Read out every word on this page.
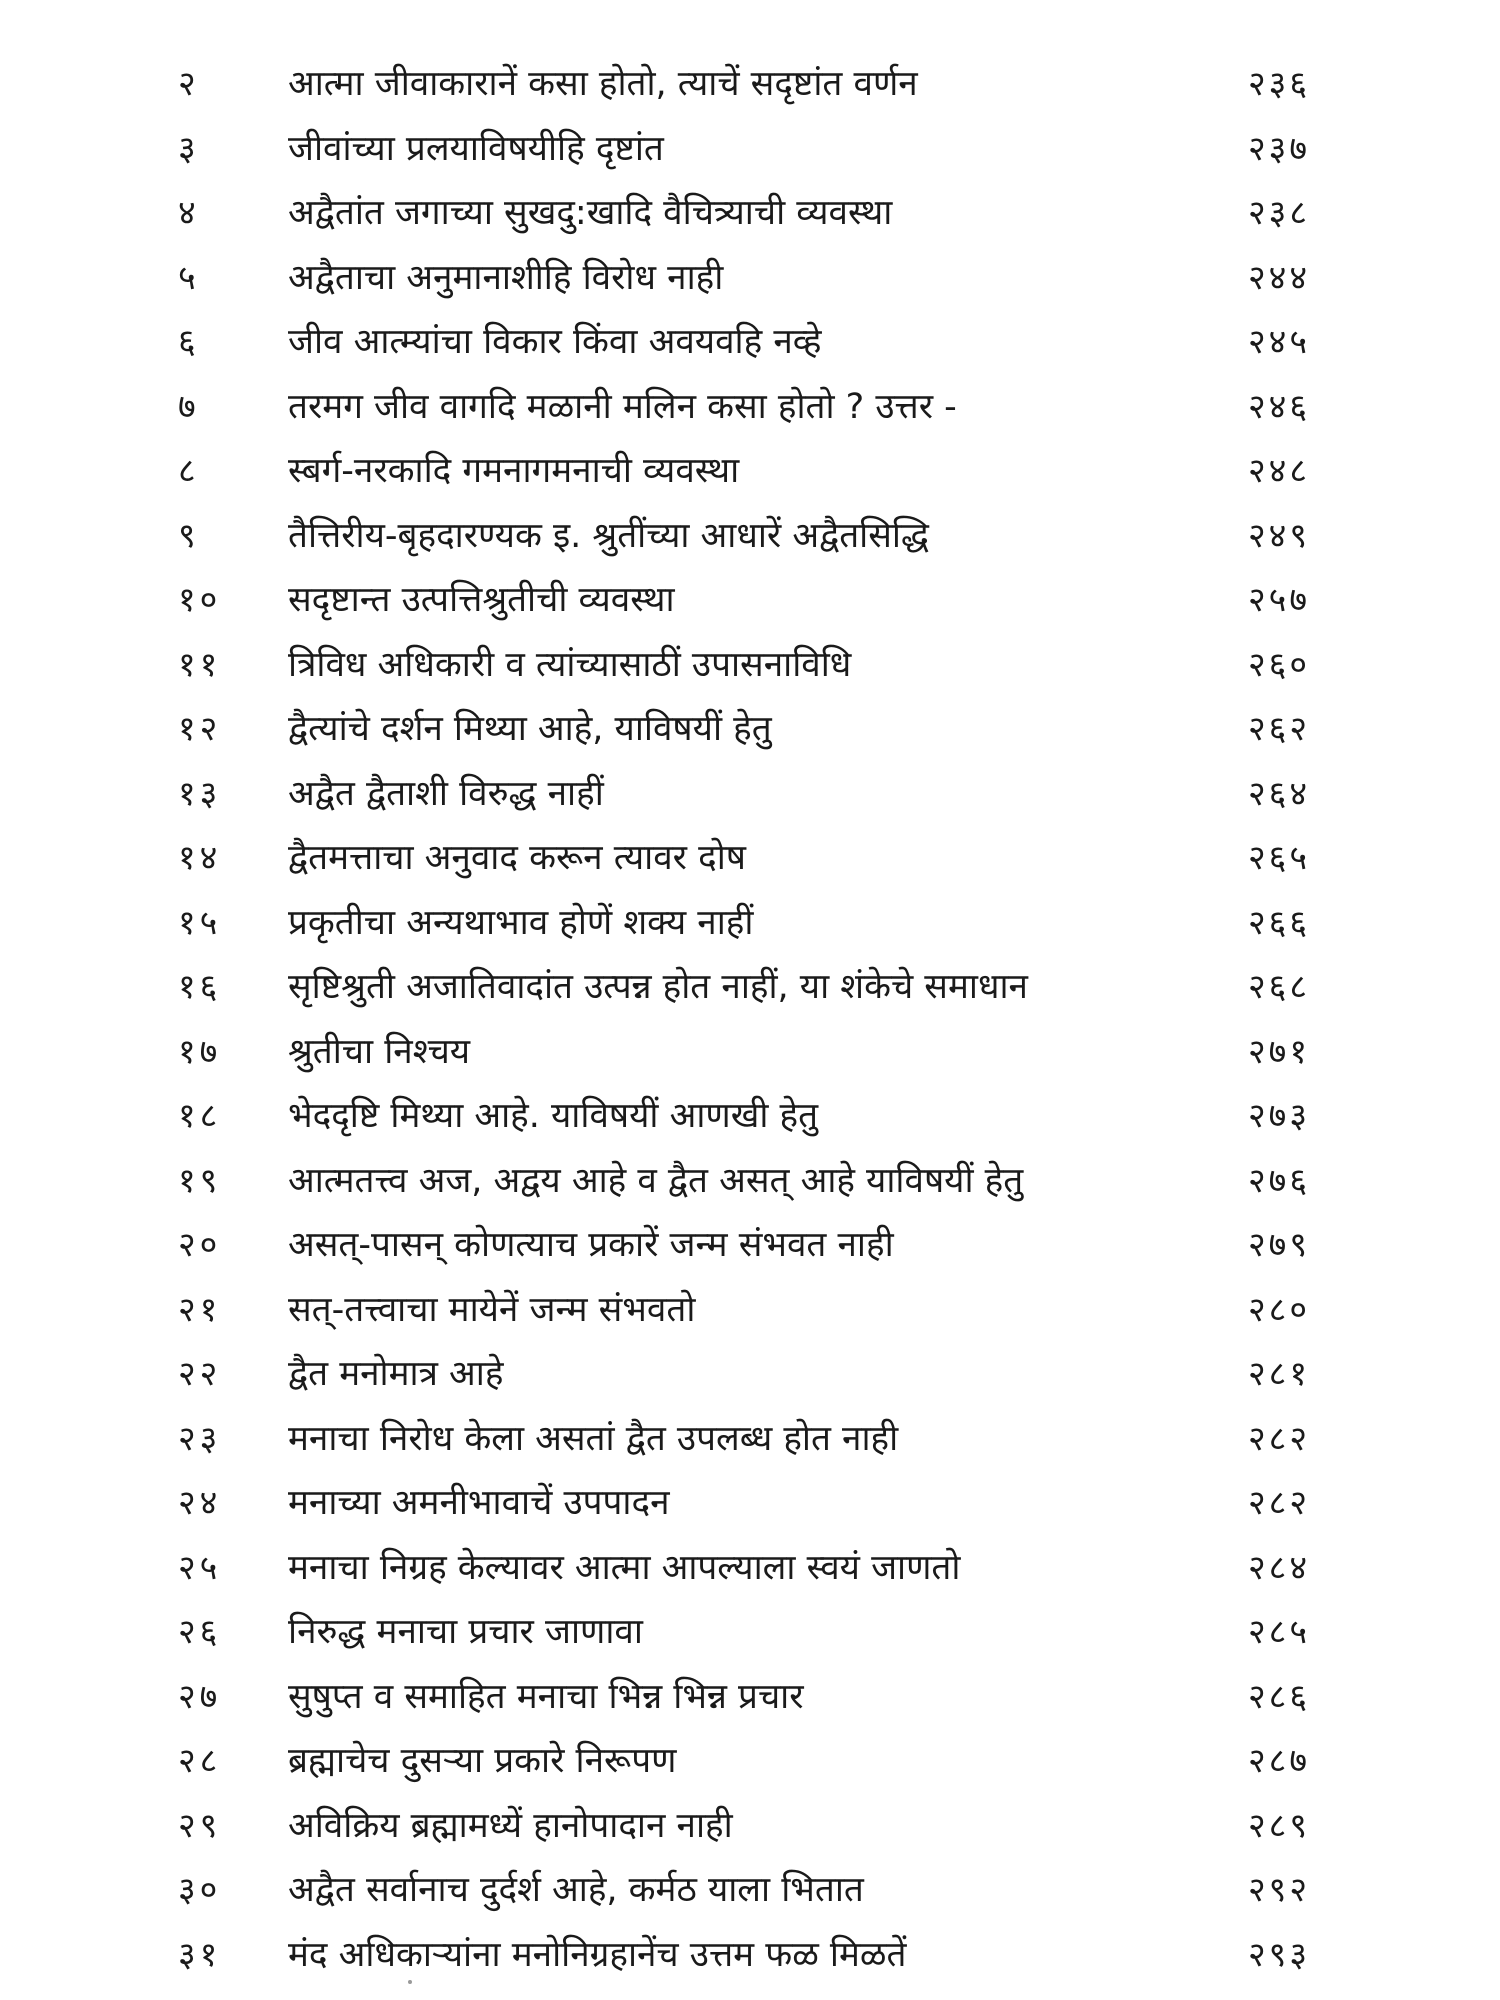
२	आत्मा जीवाकारानें कसा होतो, त्याचें सदृष्टांत वर्णन	२३६
३	जीवांच्या प्रलयाविषयीहि दृष्टांत	२३७
४	अद्वैतांत जगाच्या सुखदु:खादि वैचित्र्याची व्यवस्था	२३८
५	अद्वैताचा अनुमानाशीहि विरोध नाही	२४४
६	जीव आत्म्यांचा विकार किंवा अवयवहि नव्हे	२४५
७	तरमग जीव वागदि मळानी मलिन कसा होतो ? उत्तर -	२४६
८	स्बर्ग-नरकादि गमनागमनाची व्यवस्था	२४८
९	तैत्तिरीय-बृहदारण्यक इ. श्रुतींच्या आधारें अद्वैतसिद्धि	२४९
१०	सदृष्टान्त उत्पत्तिश्रुतीची व्यवस्था	२५७
११	त्रिविध अधिकारी व त्यांच्यासाठीं उपासनाविधि	२६०
१२	द्वैत्यांचे दर्शन मिथ्या आहे, याविषयीं हेतु	२६२
१३	अद्वैत द्वैताशी विरुद्ध नाहीं	२६४
१४	द्वैतमत्ताचा अनुवाद करून त्यावर दोष	२६५
१५	प्रकृतीचा अन्यथाभाव होणें शक्य नाहीं	२६६
१६	सृष्टिश्रुती अजातिवादांत उत्पन्न होत नाहीं, या शंकेचे समाधान	२६८
१७	श्रुतीचा निश्चय	२७१
१८	भेददृष्टि मिथ्या आहे. याविषयीं आणखी हेतु	२७३
१९	आत्मतत्त्व अज, अद्वय आहे व द्वैत असत् आहे याविषयीं हेतु	२७६
२०	असत्-पासन् कोणत्याच प्रकारें जन्म संभवत नाही	२७९
२१	सत्-तत्त्वाचा मायेनें जन्म संभवतो	२८०
२२	द्वैत मनोमात्र आहे	२८१
२३	मनाचा निरोध केला असतां द्वैत उपलब्ध होत नाही	२८२
२४	मनाच्या अमनीभावाचें उपपादन	२८२
२५	मनाचा निग्रह केल्यावर आत्मा आपल्याला स्वयं जाणतो	२८४
२६	निरुद्ध मनाचा प्रचार जाणावा	२८५
२७	सुषुप्त व समाहित मनाचा भिन्न भिन्न प्रचार	२८६
२८	ब्रह्माचेच दुसऱ्या प्रकारे निरूपण	२८७
२९	अविक्रिय ब्रह्मामध्यें हानोपादान नाही	२८९
३०	अद्वैत सर्वानाच दुर्दर्श आहे, कर्मठ याला भितात	२९२
३१	मंद अधिकाऱ्यांना मनोनिग्रहानेंच उत्तम फळ मिळतें	२९३
